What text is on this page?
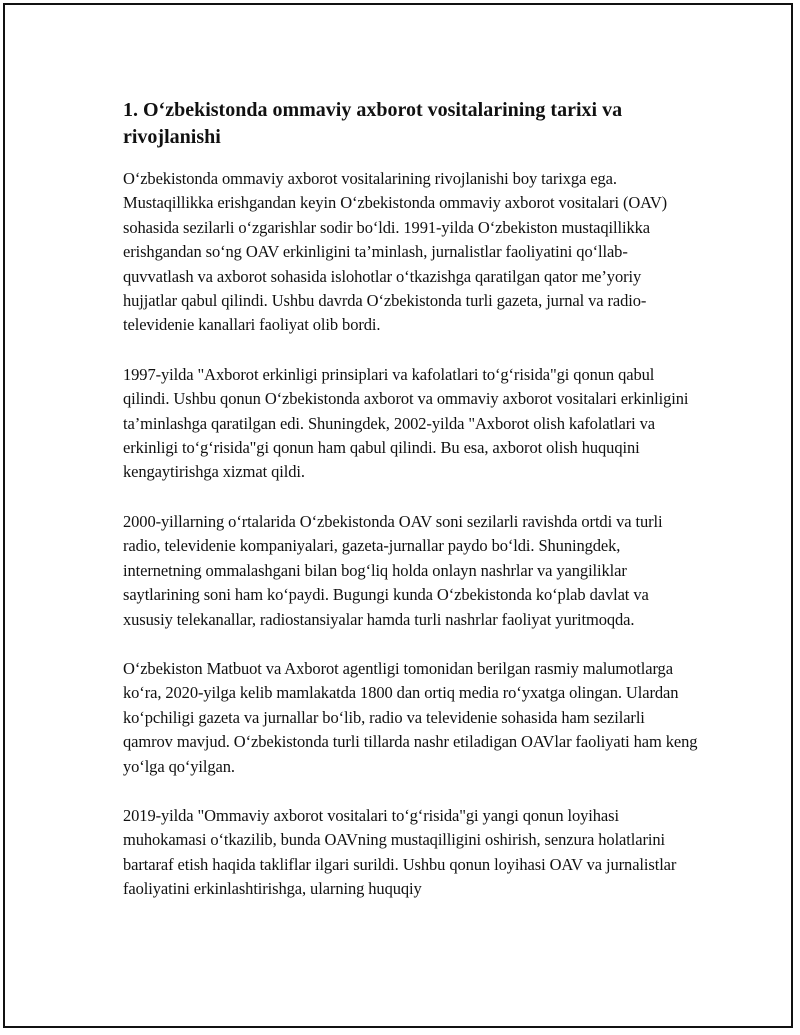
1. O‘zbekistonda ommaviy axborot vositalarining tarixi va rivojlanishi

O‘zbekistonda ommaviy axborot vositalarining rivojlanishi boy tarixga ega. Mustaqillikka erishgandan keyin O‘zbekistonda ommaviy axborot vositalari (OAV) sohasida sezilarli o‘zgarishlar sodir bo‘ldi. 1991-yilda O‘zbekiston mustaqillikka erishgandan so‘ng OAV erkinligini ta’minlash, jurnalistlar faoliyatini qo‘llab-quvvatlash va axborot sohasida islohotlar o‘tkazishga qaratilgan qator me’yoriy hujjatlar qabul qilindi. Ushbu davrda O‘zbekistonda turli gazeta, jurnal va radio-televidenie kanallari faoliyat olib bordi.

1997-yilda "Axborot erkinligi prinsiplari va kafolatlari to‘g‘risida"gi qonun qabul qilindi. Ushbu qonun O‘zbekistonda axborot va ommaviy axborot vositalari erkinligini ta’minlashga qaratilgan edi. Shuningdek, 2002-yilda "Axborot olish kafolatlari va erkinligi to‘g‘risida"gi qonun ham qabul qilindi. Bu esa, axborot olish huquqini kengaytirishga xizmat qildi.

2000-yillarning o‘rtalarida O‘zbekistonda OAV soni sezilarli ravishda ortdi va turli radio, televidenie kompaniyalari, gazeta-jurnallar paydo bo‘ldi. Shuningdek, internetning ommalashgani bilan bog‘liq holda onlayn nashrlar va yangiliklar saytlarining soni ham ko‘paydi. Bugungi kunda O‘zbekistonda ko‘plab davlat va xususiy telekanallar, radiostansiyalar hamda turli nashrlar faoliyat yuritmoqda.

O‘zbekiston Matbuot va Axborot agentligi tomonidan berilgan rasmiy malumotlarga ko‘ra, 2020-yilga kelib mamlakatda 1800 dan ortiq media ro‘yxatga olingan. Ulardan ko‘pchiligi gazeta va jurnallar bo‘lib, radio va televidenie sohasida ham sezilarli qamrov mavjud. O‘zbekistonda turli tillarda nashr etiladigan OAVlar faoliyati ham keng yo‘lga qo‘yilgan.

2019-yilda "Ommaviy axborot vositalari to‘g‘risida"gi yangi qonun loyihasi muhokamasi o‘tkazilib, bunda OAVning mustaqilligini oshirish, senzura holatlarini bartaraf etish haqida takliflar ilgari surildi. Ushbu qonun loyihasi OAV va jurnalistlar faoliyatini erkinlashtirishga, ularning huquqiy
